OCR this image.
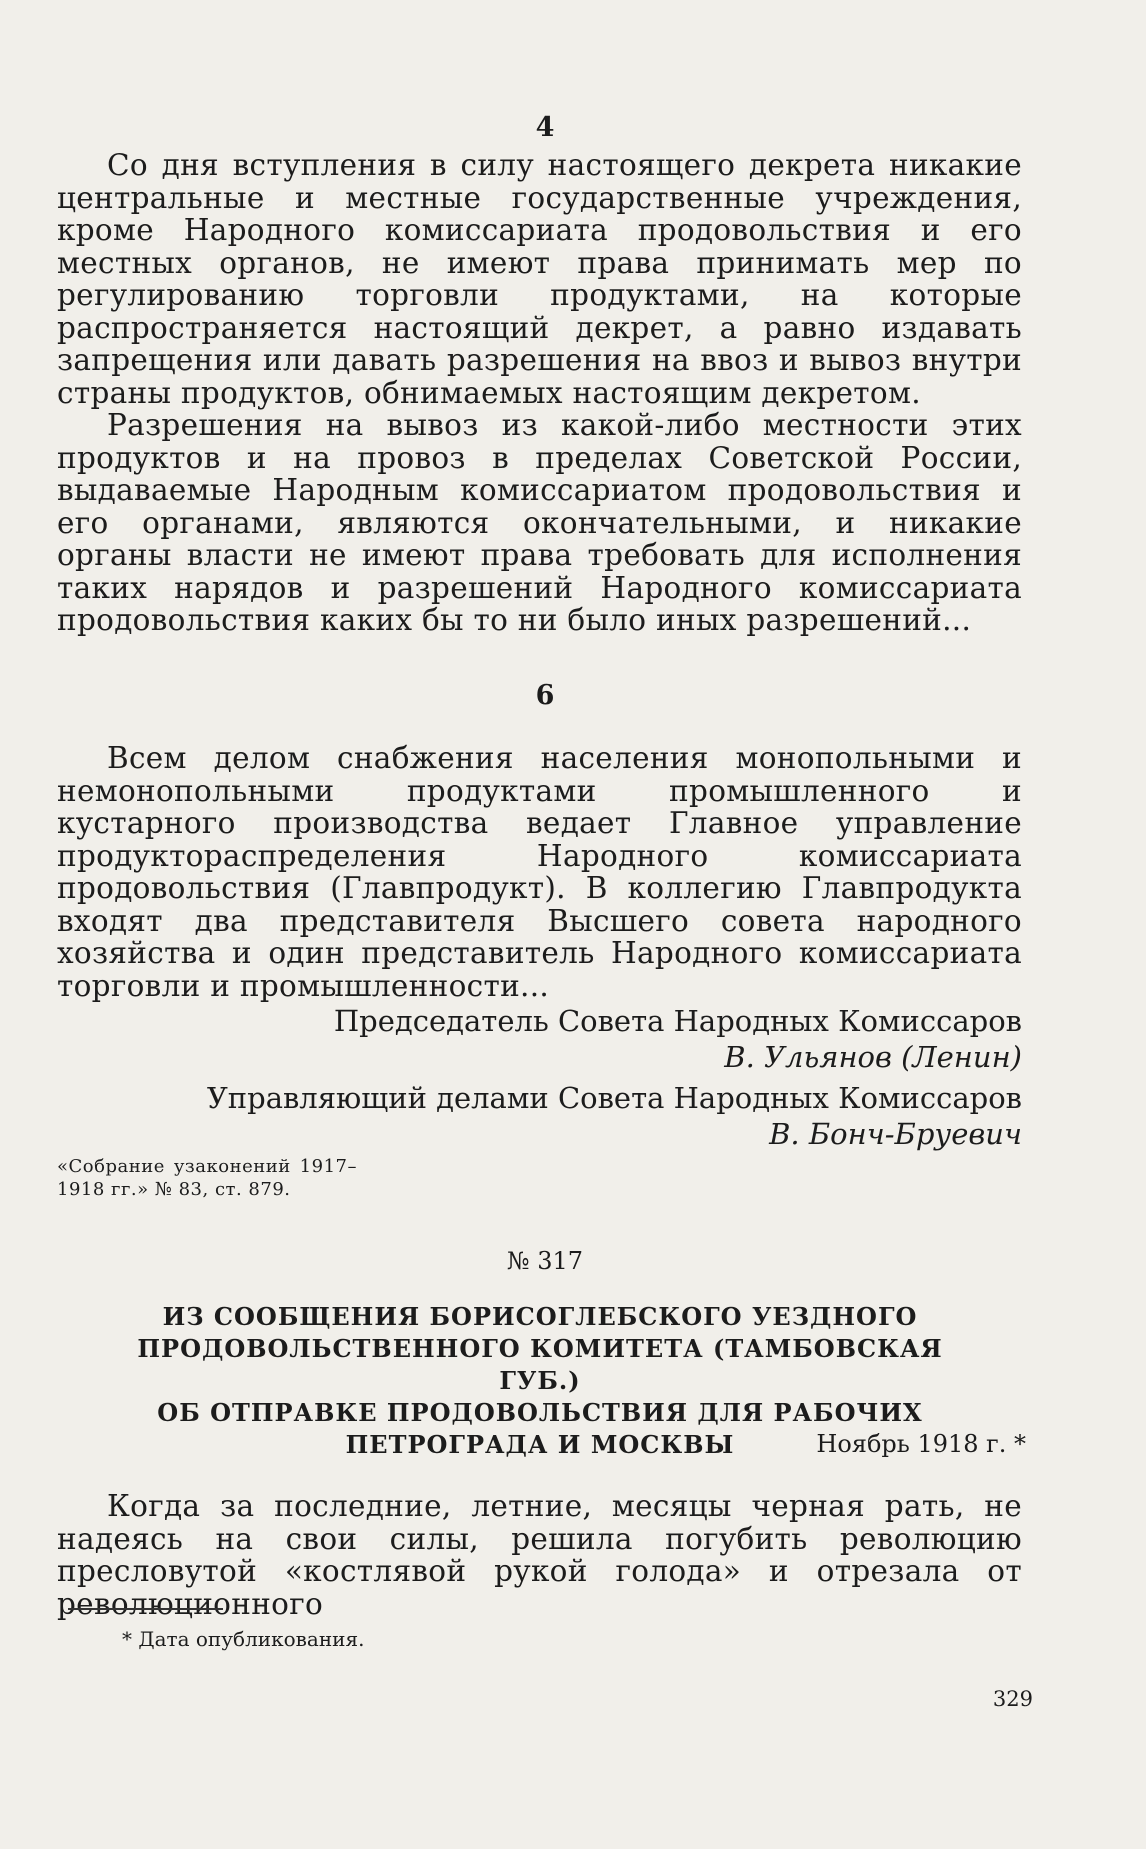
4

Со дня вступления в силу настоящего декрета никакие центральные и местные государственные учреждения, кроме Народного комиссариата продовольствия и его местных органов, не имеют права принимать мер по регулированию торговли продуктами, на которые распространяется настоящий декрет, а равно издавать запрещения или давать разрешения на ввоз и вывоз внутри страны продуктов, обнимаемых настоящим декретом.

Разрешения на вывоз из какой-либо местности этих продуктов и на провоз в пределах Советской России, выдаваемые Народным комиссариатом продовольствия и его органами, являются окончательными, и никакие органы власти не имеют права требовать для исполнения таких нарядов и разрешений Народного комиссариата продовольствия каких бы то ни было иных разрешений...

6

Всем делом снабжения населения монопольными и немонопольными продуктами промышленного и кустарного производства ведает Главное управление продукторaспределения Народного комиссариата продовольствия (Главпродукт). В коллегию Главпродукта входят два представителя Высшего совета народного хозяйства и один представитель Народного комиссариата торговли и промышленности...

Председатель Совета Народных Комиссаров
В. Ульянов (Ленин)
Управляющий делами Совета Народных Комиссаров
В. Бонч-Бруевич
«Собрание узаконений 1917–1918 гг.» № 83, ст. 879.
№ 317
ИЗ СООБЩЕНИЯ БОРИСОГЛЕБСКОГО УЕЗДНОГО
ПРОДОВОЛЬСТВЕННОГО КОМИТЕТА (ТАМБОВСКАЯ ГУБ.)
ОБ ОТПРАВКЕ ПРОДОВОЛЬСТВИЯ ДЛЯ РАБОЧИХ
ПЕТРОГРАДА И МОСКВЫ	Ноябрь 1918 г. *

Когда за последние, летние, месяцы черная рать, не надеясь на свои силы, решила погубить революцию пресловутой «костлявой рукой голода» и отрезала от революционного

* Дата опубликования.
329
